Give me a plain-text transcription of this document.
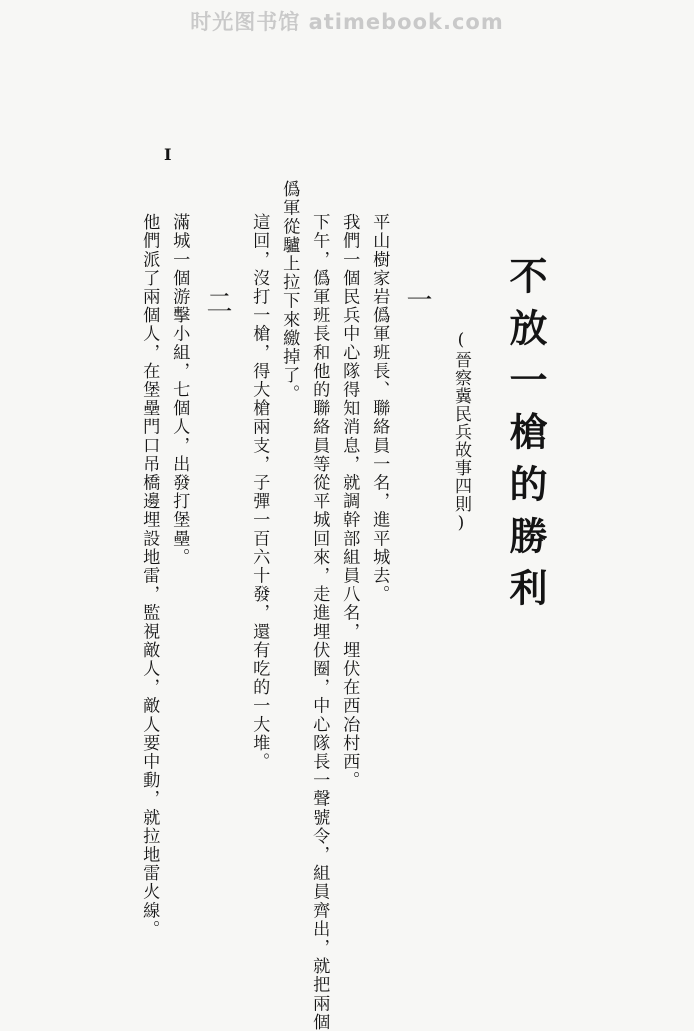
时光图书馆 atimebook.com
不放一槍的勝利
(晉察冀民兵故事四則)
一
平山樹家岩僞軍班長、聯絡員一名，進平城去。
我們一個民兵中心隊得知消息，就調幹部組員八名，埋伏在西冶村西。
下午，僞軍班長和他的聯絡員等從平城回來，走進埋伏圈，中心隊長一聲號令，組員齊出，就把兩個
僞軍從驢上拉下來繳掉了。
這回，沒打一槍，得大槍兩支，子彈一百六十發，還有吃的一大堆。
二
滿城一個游擊小組，七個人，出發打堡壘。
他們派了兩個人，在堡壘門口吊橋邊埋設地雷，監視敵人，敵人要中動，就拉地雷火線。
I
